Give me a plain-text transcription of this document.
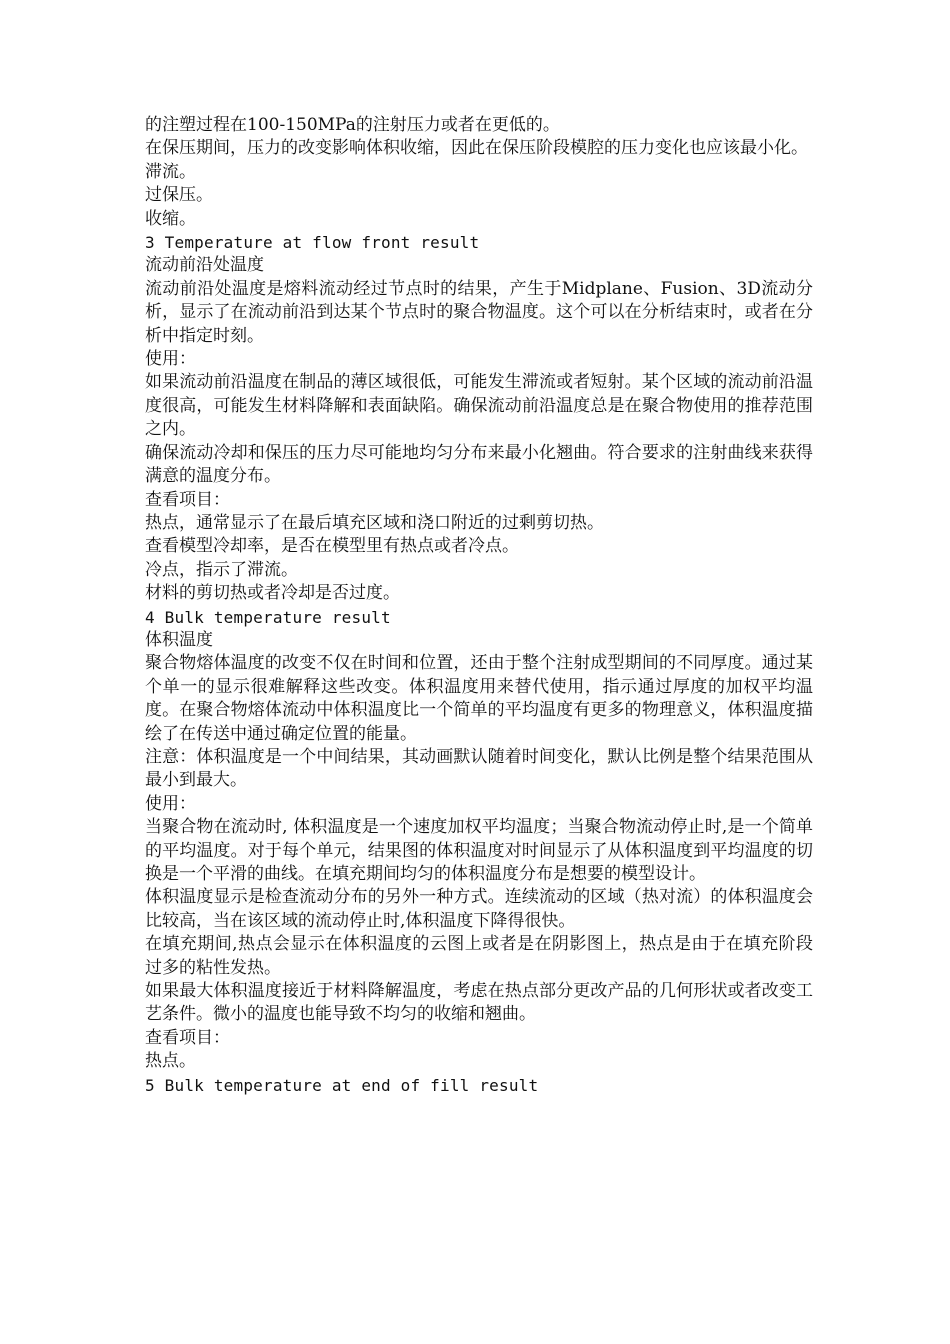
的注塑过程在100-150MPa的注射压力或者在更低的。

在保压期间，压力的改变影响体积收缩，因此在保压阶段模腔的压力变化也应该最小化。

滞流。

过保压。

收缩。

3 Temperature at flow front result

流动前沿处温度

流动前沿处温度是熔料流动经过节点时的结果，产生于Midplane、Fusion、3D流动分析，显示了在流动前沿到达某个节点时的聚合物温度。这个可以在分析结束时，或者在分析中指定时刻。

使用：

如果流动前沿温度在制品的薄区域很低，可能发生滞流或者短射。某个区域的流动前沿温度很高，可能发生材料降解和表面缺陷。确保流动前沿温度总是在聚合物使用的推荐范围之内。

确保流动冷却和保压的压力尽可能地均匀分布来最小化翘曲。符合要求的注射曲线来获得满意的温度分布。

查看项目：

热点，通常显示了在最后填充区域和浇口附近的过剩剪切热。

查看模型冷却率，是否在模型里有热点或者冷点。

冷点，指示了滞流。

材料的剪切热或者冷却是否过度。

4 Bulk temperature result

体积温度

聚合物熔体温度的改变不仅在时间和位置，还由于整个注射成型期间的不同厚度。通过某个单一的显示很难解释这些改变。体积温度用来替代使用，指示通过厚度的加权平均温度。在聚合物熔体流动中体积温度比一个简单的平均温度有更多的物理意义，体积温度描绘了在传送中通过确定位置的能量。

注意：体积温度是一个中间结果，其动画默认随着时间变化，默认比例是整个结果范围从最小到最大。

使用：

当聚合物在流动时, 体积温度是一个速度加权平均温度；当聚合物流动停止时,是一个简单的平均温度。对于每个单元，结果图的体积温度对时间显示了从体积温度到平均温度的切换是一个平滑的曲线。在填充期间均匀的体积温度分布是想要的模型设计。

体积温度显示是检查流动分布的另外一种方式。连续流动的区域（热对流）的体积温度会比较高，当在该区域的流动停止时,体积温度下降得很快。

在填充期间,热点会显示在体积温度的云图上或者是在阴影图上，热点是由于在填充阶段过多的粘性发热。

如果最大体积温度接近于材料降解温度，考虑在热点部分更改产品的几何形状或者改变工艺条件。微小的温度也能导致不均匀的收缩和翘曲。

查看项目：

热点。

5 Bulk temperature at end of fill result
